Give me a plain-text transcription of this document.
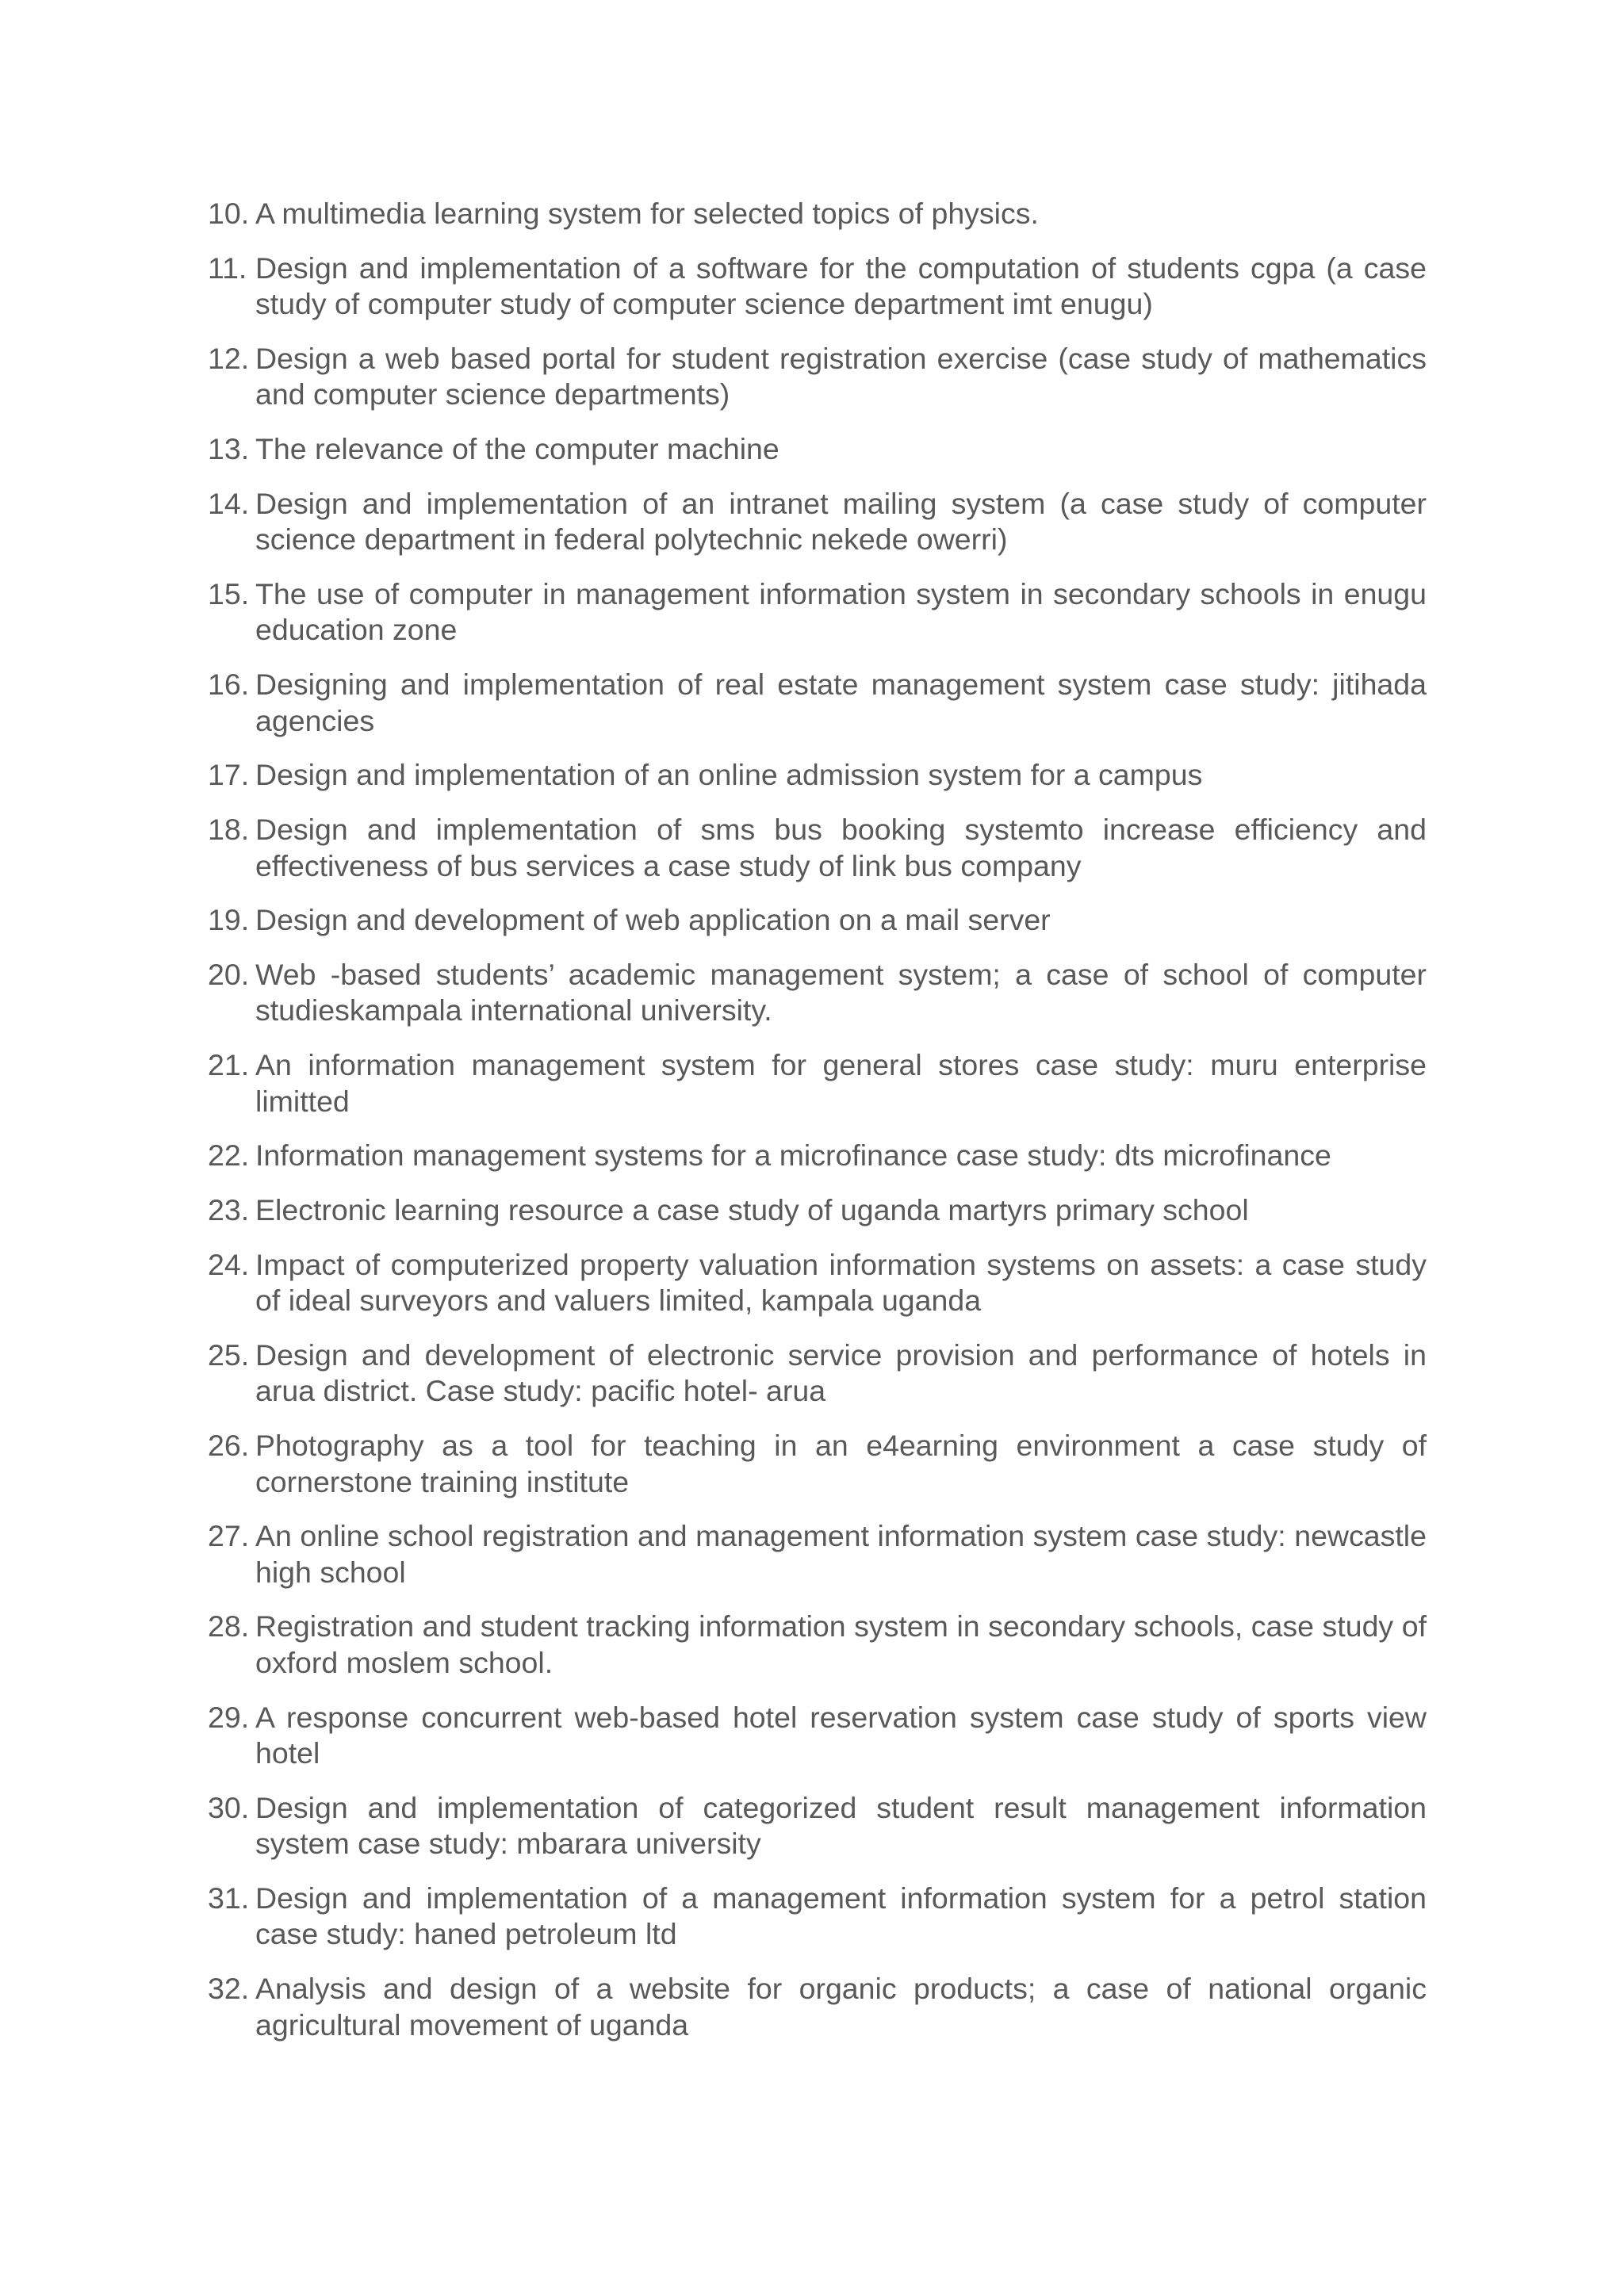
10. A multimedia learning system for selected topics of physics.

11. Design and implementation of a software for the computation of students cgpa (a case study of computer study of computer science department imt enugu)

12. Design a web based portal for student registration exercise (case study of mathematics and computer science departments)

13. The relevance of the computer machine

14. Design and implementation of an intranet mailing system (a case study of computer science department in federal polytechnic nekede owerri)

15. The use of computer in management information system in secondary schools in enugu education zone

16. Designing and implementation of real estate management system case study: jitihada agencies

17. Design and implementation of an online admission system for a campus

18. Design and implementation of sms bus booking systemto increase efficiency and effectiveness of bus services a case study of link bus company

19. Design and development of web application on a mail server

20. Web -based students’ academic management system; a case of school of computer studieskampala international university.

21. An information management system for general stores case study: muru enterprise limitted

22. Information management systems for a microfinance case study: dts microfinance

23. Electronic learning resource a case study of uganda martyrs primary school

24. Impact of computerized property valuation information systems on assets: a case study of ideal surveyors and valuers limited, kampala uganda

25. Design and development of electronic service provision and performance of hotels in arua district. Case study: pacific hotel- arua

26. Photography as a tool for teaching in an e4earning environment a case study of cornerstone training institute

27. An online school registration and management information system case study: newcastle high school

28. Registration and student tracking information system in secondary schools, case study of oxford moslem school.

29. A response concurrent web-based hotel reservation system case study of sports view hotel

30. Design and implementation of categorized student result management information system case study: mbarara university

31. Design and implementation of a management information system for a petrol station case study: haned petroleum ltd

32. Analysis and design of a website for organic products; a case of national organic agricultural movement of uganda
